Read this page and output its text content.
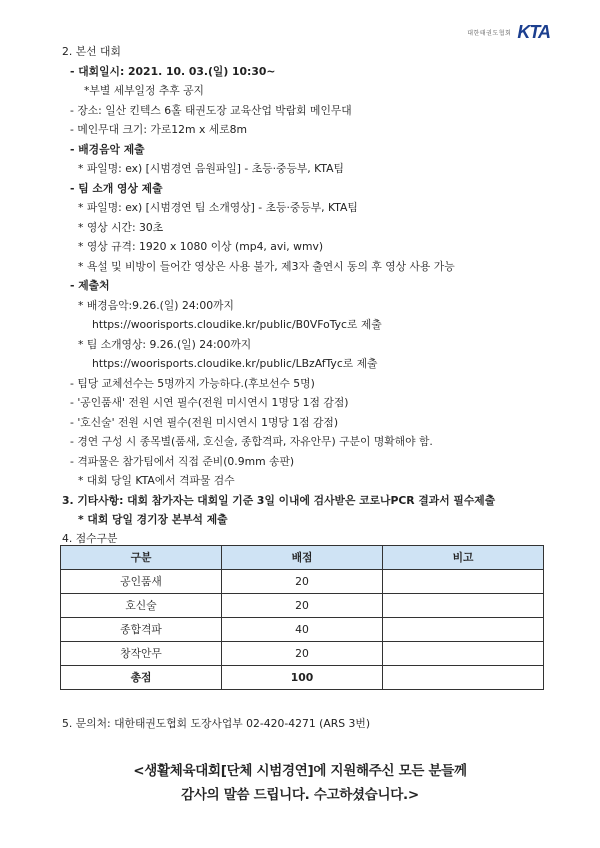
대한태권도협회 KTA
2. 본선 대회
- 대회일시: 2021. 10. 03.(일) 10:30~
*부별 세부일정 추후 공지
- 장소: 일산 킨텍스 6홀 태권도장 교육산업 박람회 메인무대
- 메인무대 크기: 가로12m x 세로8m
- 배경음악 제출
* 파일명: ex) [시범경연 음원파일] - 초등·중등부, KTA팀
- 팀 소개 영상 제출
* 파일명: ex) [시범경연 팀 소개영상] - 초등·중등부, KTA팀
* 영상 시간: 30초
* 영상 규격: 1920 x 1080 이상 (mp4, avi, wmv)
* 욕설 및 비방이 들어간 영상은 사용 불가, 제3자 출연시 동의 후 영상 사용 가능
- 제출처
* 배경음악:9.26.(일) 24:00까지
https://woorisports.cloudike.kr/public/B0VFoTyc로 제출
* 팀 소개영상: 9.26.(일) 24:00까지
https://woorisports.cloudike.kr/public/LBzAfTyc로 제출
- 팀당 교체선수는 5명까지 가능하다.(후보선수 5명)
- '공인품새' 전원 시연 필수(전원 미시연시 1명당 1점 감점)
- '호신술' 전원 시연 필수(전원 미시연시 1명당 1점 감점)
- 경연 구성 시 종목별(품새, 호신술, 종합격파, 자유안무) 구분이 명확해야 함.
- 격파물은 참가팀에서 직접 준비(0.9mm 송판)
* 대회 당일 KTA에서 격파물 검수
3. 기타사항: 대회 참가자는 대회일 기준 3일 이내에 검사받은 코로나PCR 결과서 필수제출
* 대회 당일 경기장 본부석 제출
4. 점수구분
구분	배점	비고
공인품새	20	
호신술	20	
종합격파	40	
창작안무	20	
총점	100	
5. 문의처: 대한태권도협회 도장사업부 02-420-4271 (ARS 3번)
<생활체육대회[단체 시범경연]에 지원해주신 모든 분들께
감사의 말씀 드립니다. 수고하셨습니다.>
